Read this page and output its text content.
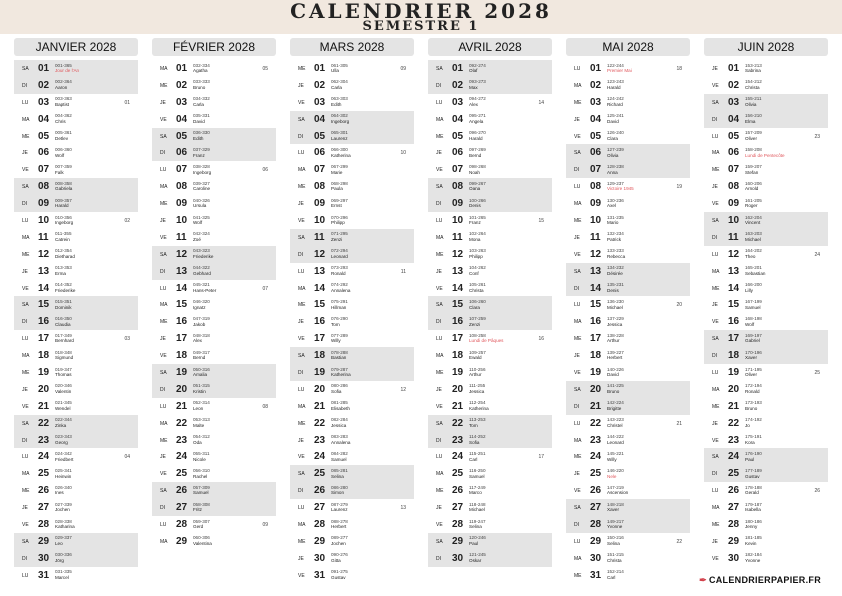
CALENDRIER 2028
SEMESTRE 1
JANVIER 2028
SA 01 001-365
Jour de l'An
DI	02 002-364
Aaron
LU 03 003-363
Baptist	01
MA 04 004-362
Chris
ME 05 005-361
Detlev
JE	06 006-360
Wolf
VE 07 007-359
Falk
SA 08 008-358
Gabriela
DI	09 009-357
Harald
LU 10 010-356
Ingeborg	02
MA 11 011-355
Catrein
ME 12 012-354
Dietharad
JE	13 013-353
Erma
VE 14 014-352
Friederike
SA 15 015-351
Dominik
DI	16 016-350
Claudia
LU 17 017-349
Bernhard	03
MA 18 018-348
Sigmund
ME 19 019-347
Thomas
JE	20 020-346
Valentin
VE 21 021-345
Wendel
SA 22 022-344
Zinka
DI	23 023-343
Georg
LU 24 024-342
Friedbert	04
MA 25 025-341
Heinwin
ME 26 026-340
Ines
JE	27 027-339
Jochen
VE 28 028-338
Katharina
SA 29 029-337
Leo
DI	30 030-336
Jörg
LU 31 031-335
Marcel
FÉVRIER 2028
MA 01 032-334
Agatha	05
ME 02 033-333
Bruno
JE	03 034-332
Carla
VE 04 035-331
David
SA 05 036-330
Edith
DI	06 037-329
Franz
LU 07 038-328
Ingeborg	06
MA 08 039-327
Caroline
ME 09 040-326
Ursula
JE	10 041-325
Wolf
VE 11 042-324
Zoé
SA 12 043-323
Friederike
DI	13 044-322
Gebhard
LU 14 045-321
Hans-Peter	07
MA 15 046-320
Ignatz
ME 16 047-319
Jakob
JE	17 048-318
Alex
VE 18 049-317
Bernd
SA 19 050-316
Amalia
DI	20 051-315
Kristin
LU 21 052-314
Leon	08
MA 22 053-313
Malte
ME 23 054-312
Oda
JE	24 055-311
Nicole
VE 25 056-310
Rachel
SA 26 057-309
Samuel
DI	27 058-308
Fritz
LU 28 059-307
Gerd	09
MA 29 060-306
Valentina
MARS 2028
ME 01 061-305
Ulla	09
JE	02 062-304
Carla
VE 03 063-303
Edith
SA 04 064-302
Ingeborg
DI	05 065-301
Laurenz
LU 06 066-300
Katherina	10
MA 07 067-299
Marie
ME 08 068-298
Paula
JE	09 069-297
Ernst
VE 10 070-296
Philipp
SA 11 071-295
Zenzi
DI	12 072-294
Leonard
LU 13 073-293
Ronald	11
MA 14 074-292
Annalena
ME 15 075-291
Hillman
JE	16 076-290
Tom
VE 17 077-289
Willy
SA 18 078-288
Bastian
DI	19 079-287
Katherina
LU 20 080-286
Sofia	12
MA 21 081-285
Elisabeth
ME 22 082-284
Jessica
JE	23 083-283
Annalena
VE 24 084-282
Samuel
SA 25 085-281
Selina
DI	26 086-280
Simon
LU 27 087-279
Laurenz	13
MA 28 088-278
Herbert
ME 29 089-277
Jochen
JE	30 090-276
Gitta
VE 31 091-275
Gustav
AVRIL 2028
SA 01 092-274
Olaf
DI	02 093-273
Max
LU 03 094-272
Alex	14
MA 04 095-271
Angela
ME 05 096-270
Harald
JE	06 097-269
Bernd
VE 07 098-268
Noah
SA 08 099-267
Oana
DI	09 100-266
Denis
LU 10 101-265
Franz	15
MA 11 102-264
Mona
ME 12 103-263
Philipp
JE	13 104-262
Conf
VE 14 105-261
Christa
SA 15 106-260
Clara
DI	16 107-259
Zenzi
LU 17 108-258
Lundi de Pâques	16
MA 18 109-257
Ewald
ME 19 110-256
Arthur
JE	20 111-255
Jessica
VE 21 112-254
Katherina
SA 22 113-253
Tom
DI	23 114-252
Sofia
LU 24 115-251
Carl	17
MA 25 116-250
Samuel
ME 26 117-249
Marco
JE	27 118-248
Michael
VE 28 119-247
Selina
SA 29 120-246
Paul
DI	30 121-245
Oskar
MAI 2028
LU 01 122-244
Premier Mai	18
MA 02 123-243
Harald
ME 03 124-242
Richard
JE	04 125-241
David
VE 05 126-240
Clara
SA 06 127-239
Olivia
DI	07 128-238
Anna
LU 08 129-237
Victoire 1945	19
MA 09 130-236
Axel
ME 10 131-235
Mario
JE	11 132-234
Patrick
VE 12 133-233
Rebecca
SA 13 134-232
Désirée
DI	14 135-231
Denis
LU 15 136-230
Michael	20
MA 16 137-229
Jessica
ME 17 138-228
Arthur
JE	18 139-227
Herbert
VE 19 140-226
David
SA 20 141-225
Bruno
DI	21 142-224
Brigitte
LU 22 143-223
Christel	21
MA 23 144-222
Leonard
ME 24 145-221
Willy
JE	25 146-220
Nele
VE 26 147-219
Ascension
SA 27 148-218
Xaver
DI	28 149-217
Yvonne
LU 29 150-216
Selina	22
MA 30 151-215
Christa
ME 31 152-214
Carl
JUIN 2028
JE	01 153-213
Sabrina
VE 02 154-212
Christa
SA 03 155-211
Olivia
DI	04 156-210
Elma
LU 05 157-209
Oliver	23
MA 06 158-208
Lundi de Pentecôte
ME 07 159-207
Stefan
JE	08 160-206
Arnold
VE 09 161-205
Roger
SA 10 162-204
Vincent
DI	11 163-203
Michael
LU 12 164-202
Theo	24
MA 13 165-201
Sebastian
ME 14 166-200
Lilly
JE	15 167-199
Samuel
VE 16 168-198
Wolf
SA 17 169-197
Gabriel
DI	18 170-196
Xaver
LU 19 171-195
Oliver	25
MA 20 172-194
Ronald
ME 21 173-193
Bruno
JE	22 174-192
Jo
VE 23 175-191
Kora
SA 24 176-190
Paul
DI	25 177-189
Gustav
LU 26 178-188
Gerald	26
MA 27 179-187
Isabella
ME 28 180-186
Jenny
JE	29 181-185
Kevin
VE 30 182-184
Yvonne
✒ CALENDRIERPAPIER.FR
